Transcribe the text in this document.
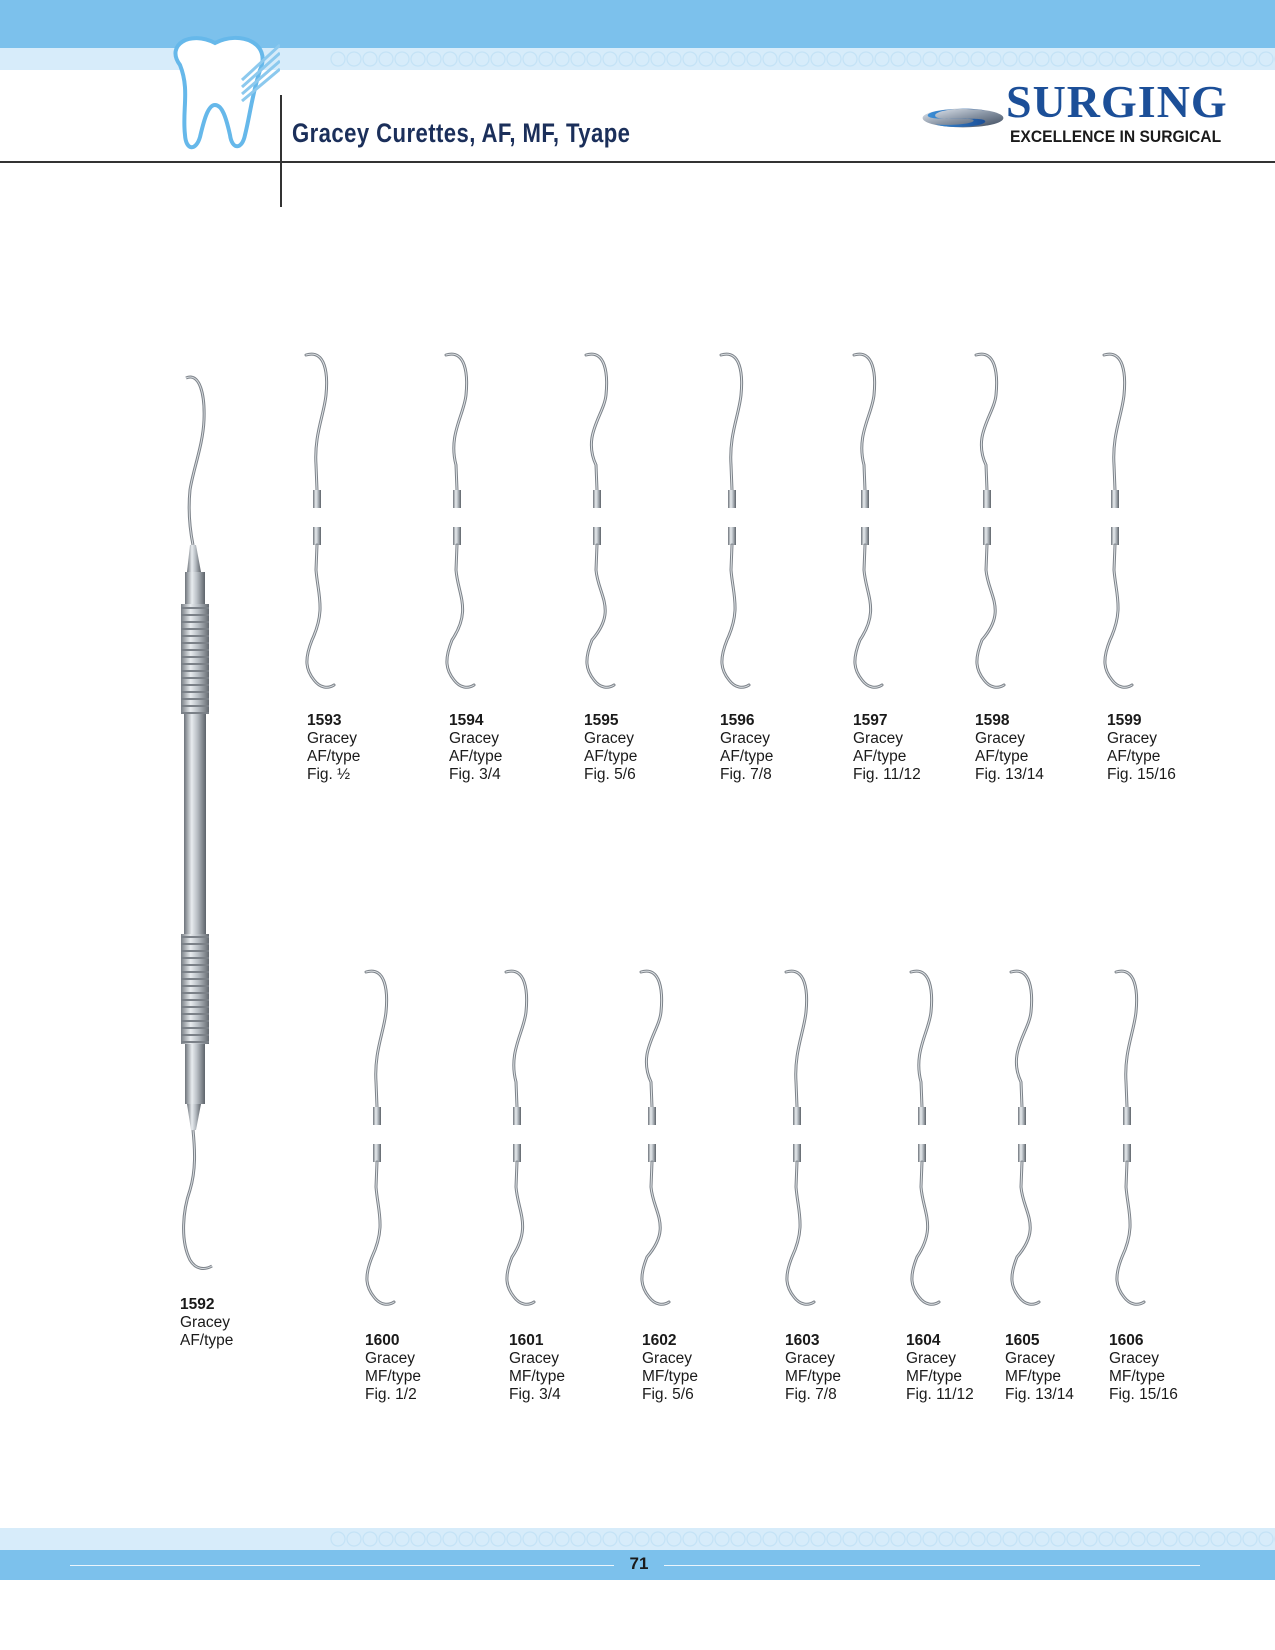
Gracey Curettes, AF, MF, Tyape
SURGING
EXCELLENCE IN SURGICAL
1592
Gracey
AF/type
1593
Gracey
AF/type
Fig. ½
1594
Gracey
AF/type
Fig. 3/4
1595
Gracey
AF/type
Fig. 5/6
1596
Gracey
AF/type
Fig. 7/8
1597
Gracey
AF/type
Fig. 11/12
1598
Gracey
AF/type
Fig. 13/14
1599
Gracey
AF/type
Fig. 15/16
1600
Gracey
MF/type
Fig. 1/2
1601
Gracey
MF/type
Fig. 3/4
1602
Gracey
MF/type
Fig. 5/6
1603
Gracey
MF/type
Fig. 7/8
1604
Gracey
MF/type
Fig. 11/12
1605
Gracey
MF/type
Fig. 13/14
1606
Gracey
MF/type
Fig. 15/16
71
